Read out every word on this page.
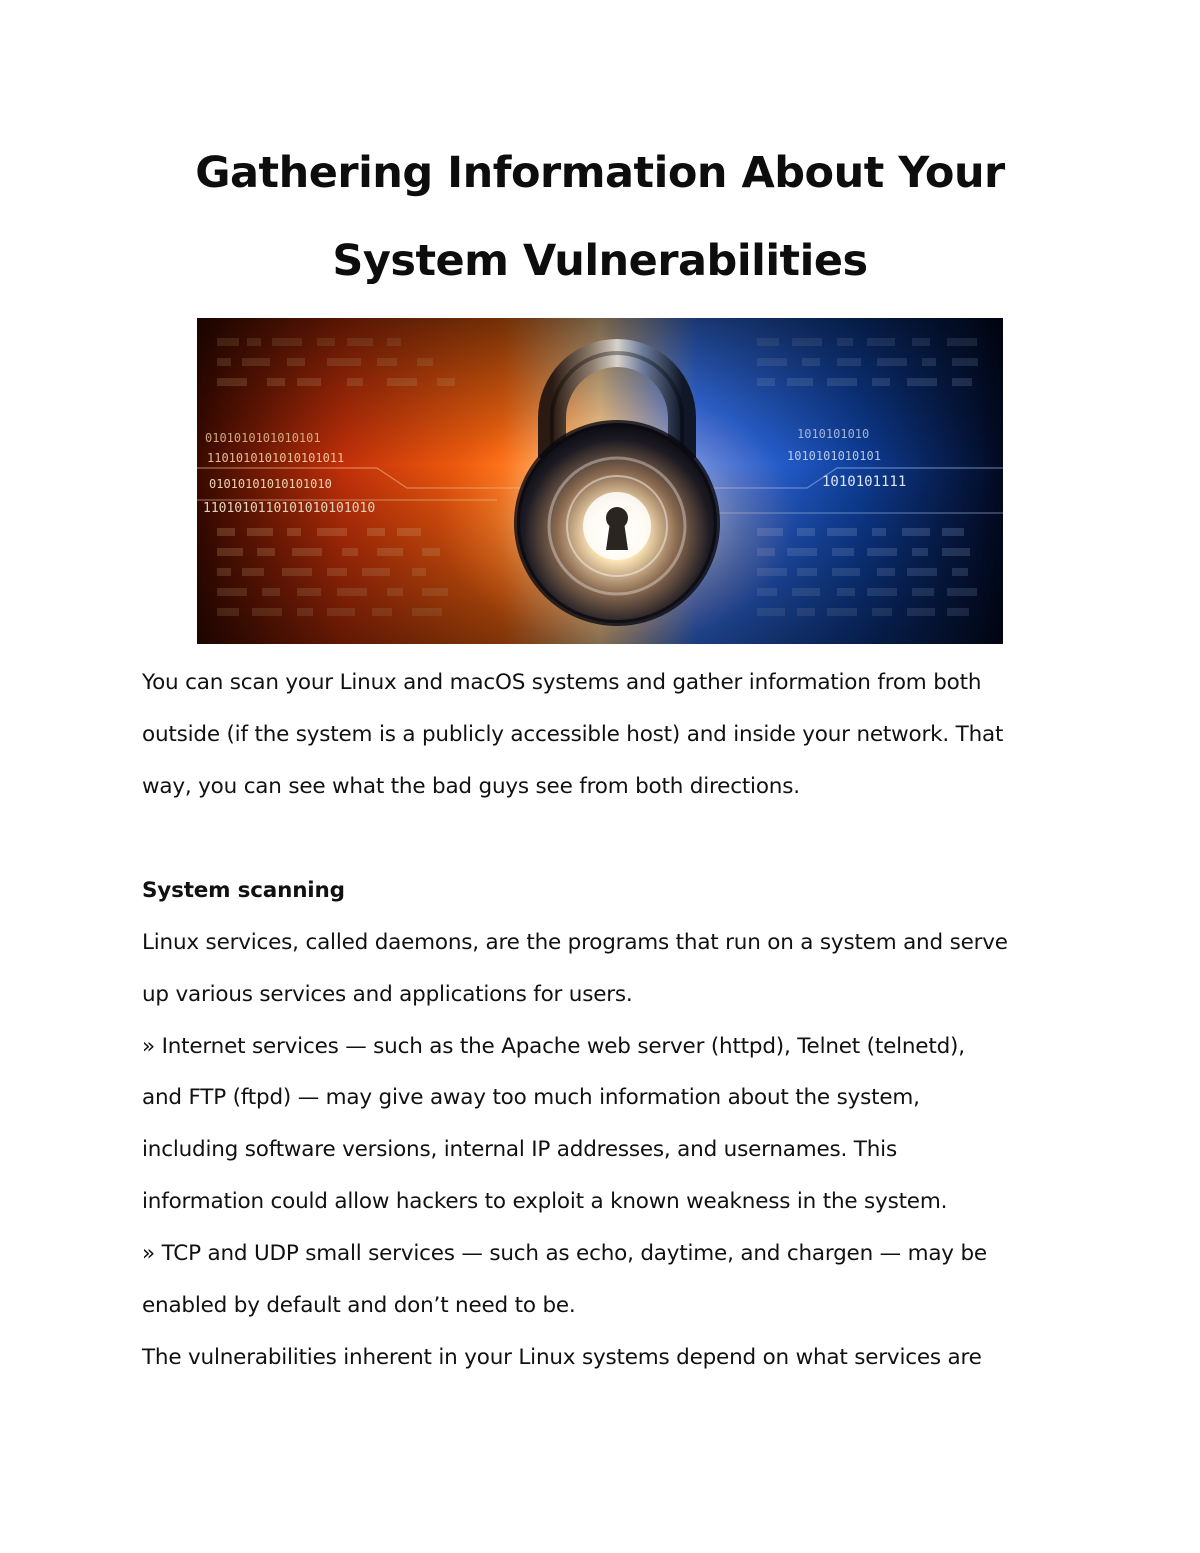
Gathering Information About Your
System Vulnerabilities

You can scan your Linux and macOS systems and gather information from both

outside (if the system is a publicly accessible host) and inside your network. That

way, you can see what the bad guys see from both directions.

System scanning

Linux services, called daemons, are the programs that run on a system and serve

up various services and applications for users.

» Internet services — such as the Apache web server (httpd), Telnet (telnetd),

and FTP (ftpd) — may give away too much information about the system,

including software versions, internal IP addresses, and usernames. This

information could allow hackers to exploit a known weakness in the system.

» TCP and UDP small services — such as echo, daytime, and chargen — may be

enabled by default and don’t need to be.

The vulnerabilities inherent in your Linux systems depend on what services are
